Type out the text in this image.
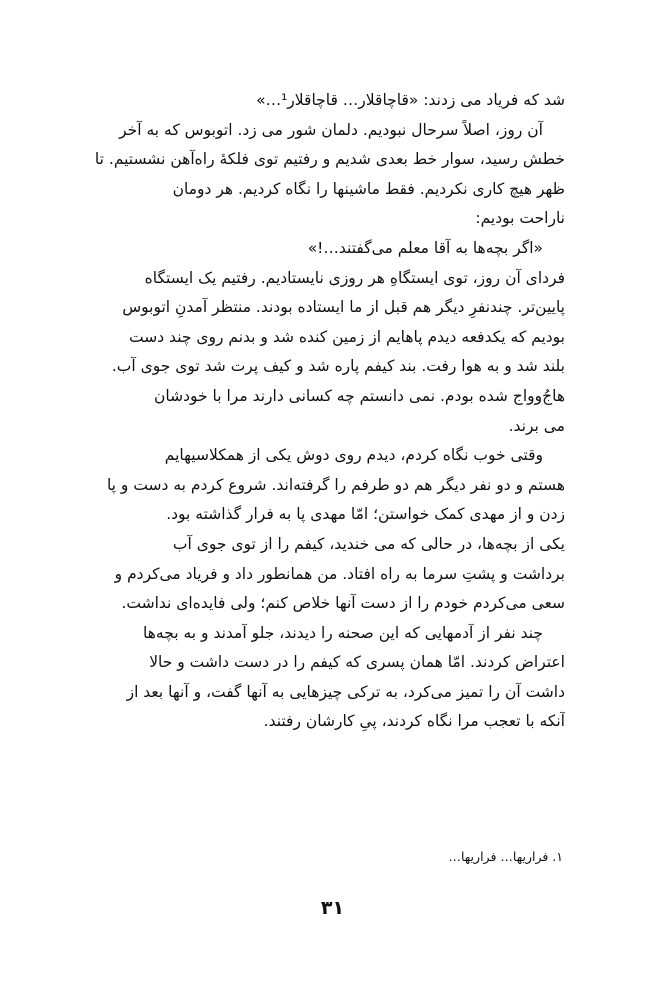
شد که فریاد می زدند: «قاچاقلار… قاچاقلار¹…»
آن روز، اصلاً سرحال نبودیم. دلمان شور می زد. اتوبوس که به آخر
خطش رسید، سوار خط بعدی شدیم و رفتیم توی فلکهٔ راه‌آهن نشستیم. تا
ظهر هیچ کاری نکردیم. فقط ماشینها را نگاه کردیم. هر دومان
ناراحت بودیم:
«اگر بچه‌ها به آقا معلم می‌گفتند…!»
فردای آن روز، توی ایستگاهِ هر روزی نایستادیم. رفتیم یک ایستگاه
پایین‌تر. چندنفرِ دیگر هم قبل از ما ایستاده بودند. منتظر آمدنِ اتوبوس
بودیم که یکدفعه دیدم پاهایم از زمین کنده شد و بدنم روی چند دست
بلند شد و به هوا رفت. بند کیفم پاره شد و کیف پرت شد توی جوی آب.
هاجُ‌وواج شده بودم. نمی دانستم چه کسانی دارند مرا با خودشان
می برند.
وقتی خوب نگاه کردم، دیدم روی دوش یکی از همکلاسیهایم
هستم و دو نفر دیگر هم دو طرفم را گرفته‌اند. شروع کردم به دست و پا
زدن و از مهدی کمک خواستن؛ امّا مهدی پا به فرار گذاشته بود.
یکی از بچه‌ها، در حالی که می خندید، کیفم را از توی جوی آب
برداشت و پشتِ سرما به راه افتاد. من همانطور داد و فریاد می‌کردم و
سعی می‌کردم خودم را از دست آنها خلاص کنم؛ ولی فایده‌ای نداشت.
چند نفر از آدمهایی که این صحنه را دیدند، جلو آمدند و به بچه‌ها
اعتراض کردند. امّا همان پسری که کیفم را در دست داشت و حالا
داشت آن را تمیز می‌کرد، به ترکی چیزهایی به آنها گفت، و آنها بعد از
آنکه با تعجب مرا نگاه کردند، پیِ کارشان رفتند.
۱. فراریها… فراریها…
۳۱
